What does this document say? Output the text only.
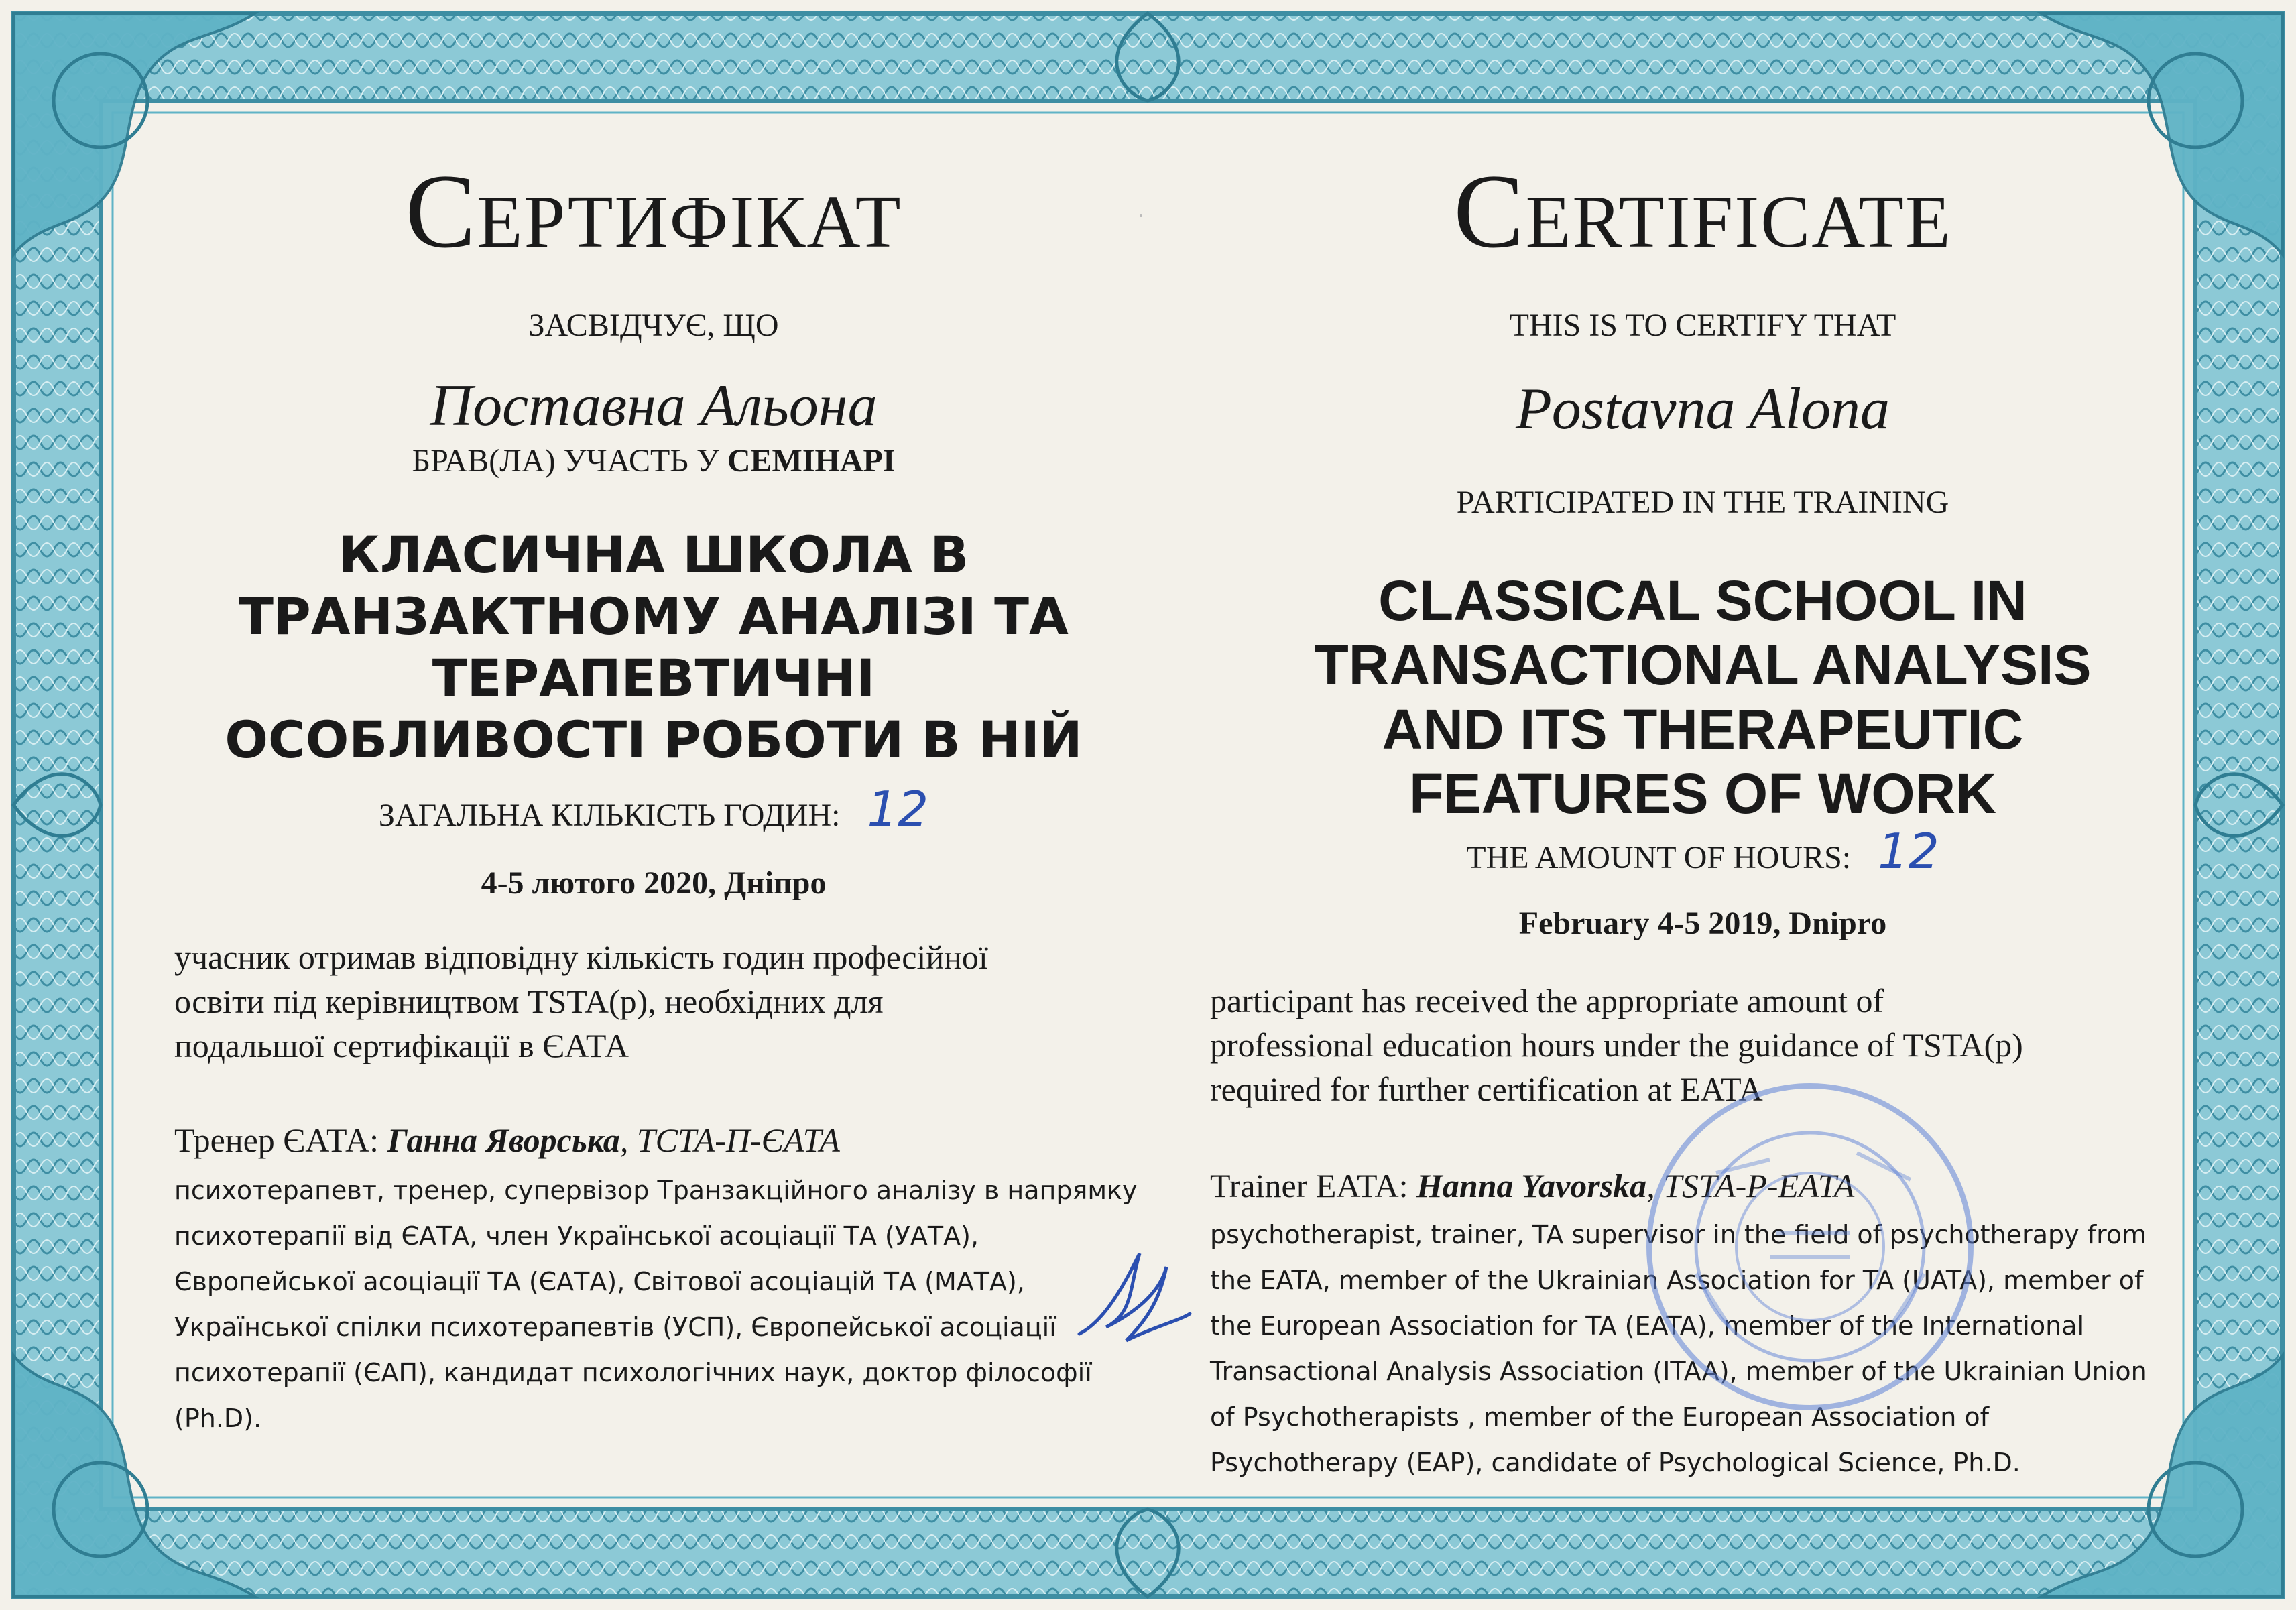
Сертифікат
ЗАСВІДЧУЄ, ЩО
Поставна Альона
БРАВ(ЛА) УЧАСТЬ У СЕМІНАРІ
КЛАСИЧНА ШКОЛА В
ТРАНЗАКТНОМУ АНАЛІЗІ ТА
ТЕРАПЕВТИЧНІ
ОСОБЛИВОСТІ РОБОТИ В НІЙ
ЗАГАЛЬНА КІЛЬКІСТЬ ГОДИН: 12
4-5 лютого 2020, Дніпро
учасник отримав відповідну кількість годин професійної
освіти під керівництвом TSTA(p), необхідних для
подальшої сертифікації в ЄАТА
Тренер ЄАТА: Ганна Яворська, ТСТА-П-ЄАТА
психотерапевт, тренер, супервізор Транзакційного аналізу в напрямку
психотерапії від ЄАТА, член Української асоціації ТА (УАТА),
Європейської асоціації ТА (ЄАТА), Світової асоціацій ТА (МАТА),
Української спілки психотерапевтів (УСП), Європейської асоціації
психотерапії (ЄАП), кандидат психологічних наук, доктор філософії
(Ph.D).
Certificate
THIS IS TO CERTIFY THAT
Postavna Alona
PARTICIPATED IN THE TRAINING
CLASSICAL SCHOOL IN
TRANSACTIONAL ANALYSIS
AND ITS THERAPEUTIC
FEATURES OF WORK
THE AMOUNT OF HOURS: 12
February 4-5 2019, Dnipro
participant has received the appropriate amount of
professional education hours under the guidance of TSTA(p)
required for further certification at EATA
Trainer EATA: Hanna Yavorska, TSTA-P-EATA
psychotherapist, trainer, TA supervisor in the field of psychotherapy from
the EATA, member of the Ukrainian Association for TA (UATA), member of
the European Association for TA (EATA), member of the International
Transactional Analysis Association (ITAA), member of the Ukrainian Union
of Psychotherapists , member of the European Association of
Psychotherapy (EAP), candidate of Psychological Science, Ph.D.
